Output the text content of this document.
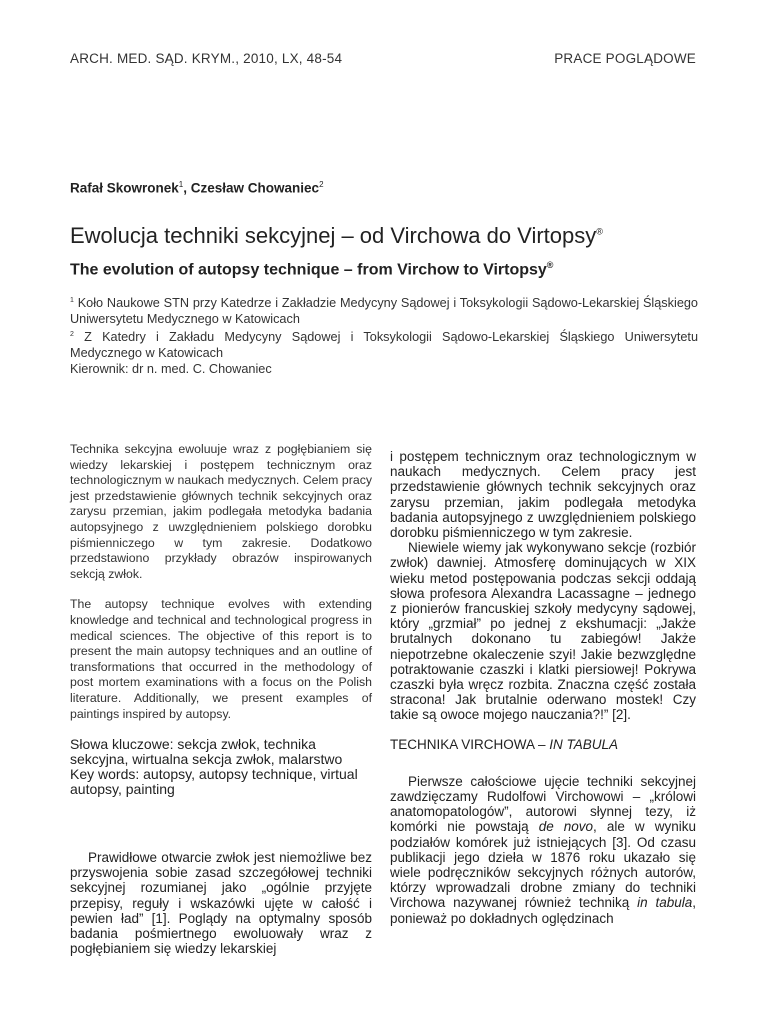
ARCH. MED. SĄD. KRYM., 2010, LX, 48-54	PRACE POGLĄDOWE
Rafał Skowronek$^1$, Czesław Chowaniec$^2$
Ewolucja techniki sekcyjnej – od Virchowa do Virtopsy®
The evolution of autopsy technique – from Virchow to Virtopsy®

$^1$ Koło Naukowe STN przy Katedrze i Zakładzie Medycyny Sądowej i Toksykologii Sądowo-Lekarskiej Śląskiego Uniwersytetu Medycznego w Katowicach

$^2$ Z Katedry i Zakładu Medycyny Sądowej i Toksykologii Sądowo-Lekarskiej Śląskiego Uniwersytetu Medycznego w Katowicach

Kierownik: dr n. med. C. Chowaniec

Technika sekcyjna ewoluuje wraz z pogłębianiem się wiedzy lekarskiej i postępem technicznym oraz technologicznym w naukach medycznych. Celem pracy jest przedstawienie głównych technik sekcyjnych oraz zarysu przemian, jakim podlegała metodyka badania autopsyjnego z uwzględnieniem polskiego dorobku piśmienniczego w tym zakresie. Dodatkowo przedstawiono przykłady obrazów inspirowanych sekcją zwłok.

The autopsy technique evolves with extending knowledge and technical and technological progress in medical sciences. The objective of this report is to present the main autopsy techniques and an outline of transformations that occurred in the methodology of post mortem examinations with a focus on the Polish literature. Additionally, we present examples of paintings inspired by autopsy.

Słowa kluczowe: sekcja zwłok, technika sekcyjna, wirtualna sekcja zwłok, malarstwo

Key words: autopsy, autopsy technique, virtual autopsy, painting

Prawidłowe otwarcie zwłok jest niemożliwe bez przyswojenia sobie zasad szczegółowej techniki sekcyjnej rozumianej jako „ogólnie przyjęte przepisy, reguły i wskazówki ujęte w całość i pewien ład” [1]. Poglądy na optymalny sposób badania pośmiertnego ewoluowały wraz z pogłębianiem się wiedzy lekarskiej

i postępem technicznym oraz technologicznym w naukach medycznych. Celem pracy jest przedstawienie głównych technik sekcyjnych oraz zarysu przemian, jakim podlegała metodyka badania autopsyjnego z uwzględnieniem polskiego dorobku piśmienniczego w tym zakresie.

Niewiele wiemy jak wykonywano sekcje (rozbiór zwłok) dawniej. Atmosferę dominujących w XIX wieku metod postępowania podczas sekcji oddają słowa profesora Alexandra Lacassagne – jednego z pionierów francuskiej szkoły medycyny sądowej, który „grzmiał” po jednej z ekshumacji: „Jakże brutalnych dokonano tu zabiegów! Jakże niepotrzebne okaleczenie szyi! Jakie bezwzględne potraktowanie czaszki i klatki piersiowej! Pokrywa czaszki była wręcz rozbita. Znaczna część została stracona! Jak brutalnie oderwano mostek! Czy takie są owoce mojego nauczania?!” [2].

TECHNIKA VIRCHOWA – IN TABULA

Pierwsze całościowe ujęcie techniki sekcyjnej zawdzięczamy Rudolfowi Virchowowi – „królowi anatomopatologów”, autorowi słynnej tezy, iż komórki nie powstają de novo, ale w wyniku podziałów komórek już istniejących [3]. Od czasu publikacji jego dzieła w 1876 roku ukazało się wiele podręczników sekcyjnych różnych autorów, którzy wprowadzali drobne zmiany do techniki Virchowa nazywanej również techniką in tabula, ponieważ po dokładnych oględzinach
